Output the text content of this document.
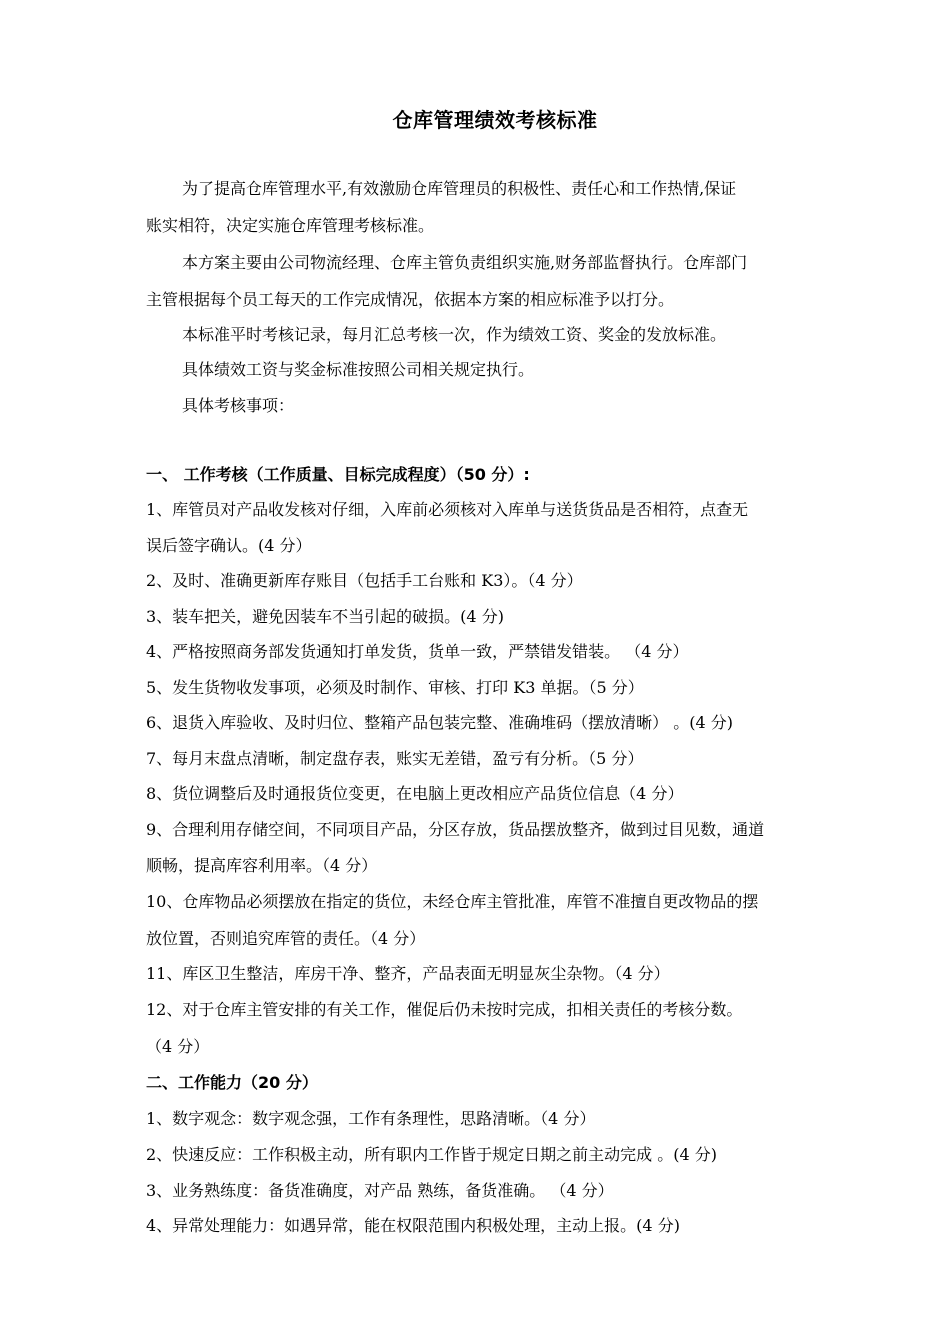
仓库管理绩效考核标准

为了提高仓库管理水平,有效激励仓库管理员的积极性、责任心和工作热情,保证

账实相符，决定实施仓库管理考核标准。

本方案主要由公司物流经理、仓库主管负责组织实施,财务部监督执行。仓库部门

主管根据每个员工每天的工作完成情况，依据本方案的相应标准予以打分。

本标准平时考核记录，每月汇总考核一次，作为绩效工资、奖金的发放标准。

具体绩效工资与奖金标准按照公司相关规定执行。

具体考核事项：

一、 工作考核（工作质量、目标完成程度）（50 分）:

1、库管员对产品收发核对仔细，入库前必须核对入库单与送货货品是否相符，点查无

误后签字确认。(4 分）

2、及时、准确更新库存账目（包括手工台账和 K3）。（4 分）

3、装车把关，避免因装车不当引起的破损。(4 分)

4、严格按照商务部发货通知打单发货，货单一致，严禁错发错装。 （4 分）

5、发生货物收发事项，必须及时制作、审核、打印 K3 单据。（5 分）

6、退货入库验收、及时归位、整箱产品包装完整、准确堆码（摆放清晰） 。(4 分)

7、每月末盘点清晰，制定盘存表，账实无差错，盈亏有分析。（5 分）

8、货位调整后及时通报货位变更，在电脑上更改相应产品货位信息（4 分）

9、合理利用存储空间，不同项目产品，分区存放，货品摆放整齐，做到过目见数，通道

顺畅，提高库容利用率。（4 分）

10、仓库物品必须摆放在指定的货位，未经仓库主管批准，库管不准擅自更改物品的摆

放位置，否则追究库管的责任。（4 分）

11、库区卫生整洁，库房干净、整齐，产品表面无明显灰尘杂物。（4 分）

12、对于仓库主管安排的有关工作，催促后仍未按时完成，扣相关责任的考核分数。

（4 分）

二、工作能力（20 分）

1、数字观念：数字观念强，工作有条理性，思路清晰。（4 分）

2、快速反应：工作积极主动，所有职内工作皆于规定日期之前主动完成 。(4 分)

3、业务熟练度：备货准确度，对产品 熟练，备货准确。 （4 分）

4、异常处理能力：如遇异常，能在权限范围内积极处理，主动上报。(4 分)
